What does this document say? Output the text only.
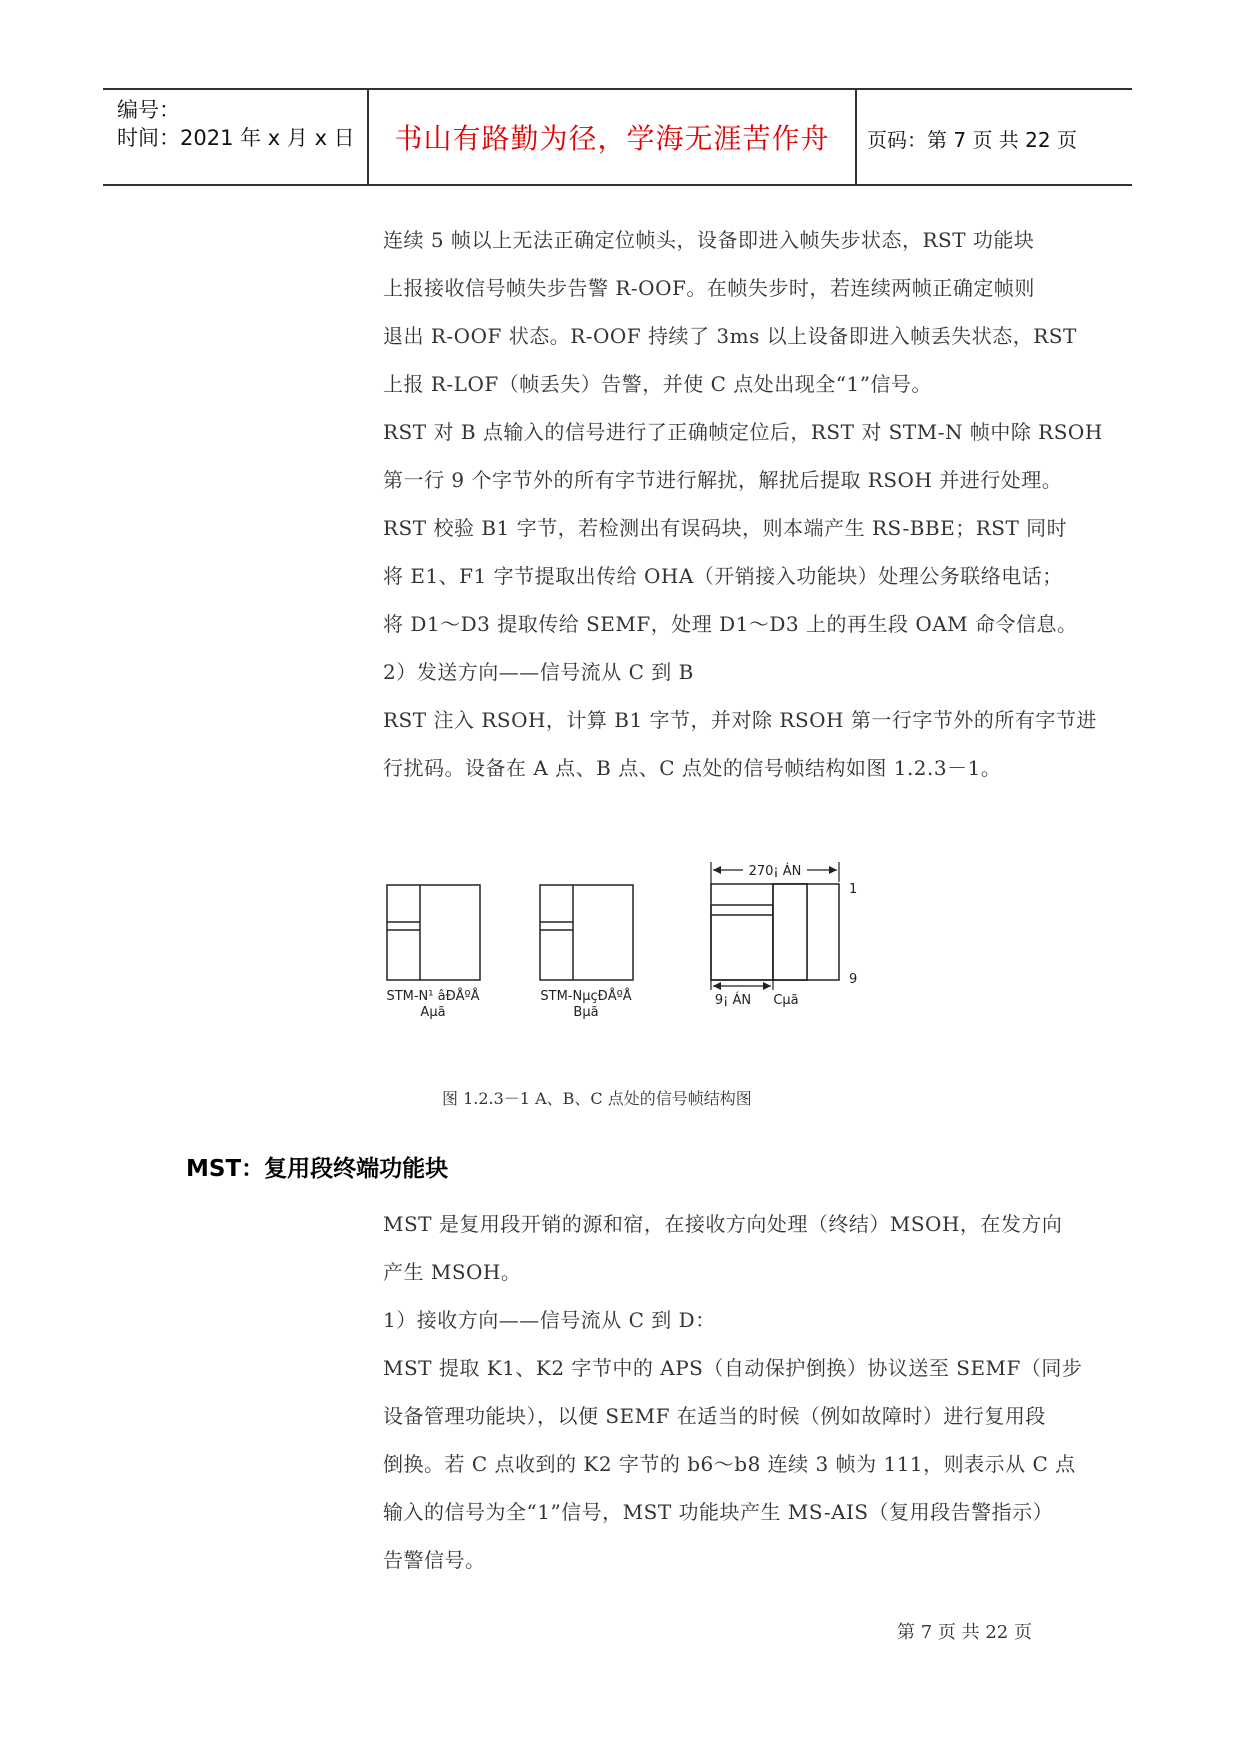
编号：
时间：2021 年 x 月 x 日	书山有路勤为径，学海无涯苦作舟	页码：第 7 页 共 22 页
连续 5 帧以上无法正确定位帧头，设备即进入帧失步状态，RST 功能块
上报接收信号帧失步告警 R-OOF。在帧失步时，若连续两帧正确定帧则
退出 R-OOF 状态。R-OOF 持续了 3ms 以上设备即进入帧丢失状态，RST
上报 R-LOF（帧丢失）告警，并使 C 点处出现全“1”信号。
RST 对 B 点输入的信号进行了正确帧定位后，RST 对 STM-N 帧中除 RSOH
第一行 9 个字节外的所有字节进行解扰，解扰后提取 RSOH 并进行处理。
RST 校验 B1 字节，若检测出有误码块，则本端产生 RS-BBE；RST 同时
将 E1、F1 字节提取出传给 OHA（开销接入功能块）处理公务联络电话；
将 D1～D3 提取传给 SEMF，处理 D1～D3 上的再生段 OAM 命令信息。
2）发送方向——信号流从 C 到 B
RST 注入 RSOH，计算 B1 字节，并对除 RSOH 第一行字节外的所有字节进
行扰码。设备在 A 点、B 点、C 点处的信号帧结构如图 1.2.3－1。
STM-N¹ âÐÅºÅ
Aµã
STM-NµçÐÅºÅ
Bµã
270¡ ÁN
9¡ ÁN Cµã
1
9
图 1.2.3－1 A、B、C 点处的信号帧结构图
MST：复用段终端功能块
MST 是复用段开销的源和宿，在接收方向处理（终结）MSOH，在发方向
产生 MSOH。
1）接收方向——信号流从 C 到 D：
MST 提取 K1、K2 字节中的 APS（自动保护倒换）协议送至 SEMF（同步
设备管理功能块），以便 SEMF 在适当的时候（例如故障时）进行复用段
倒换。若 C 点收到的 K2 字节的 b6～b8 连续 3 帧为 111，则表示从 C 点
输入的信号为全“1”信号，MST 功能块产生 MS-AIS（复用段告警指示）
告警信号。
第 7 页 共 22 页
